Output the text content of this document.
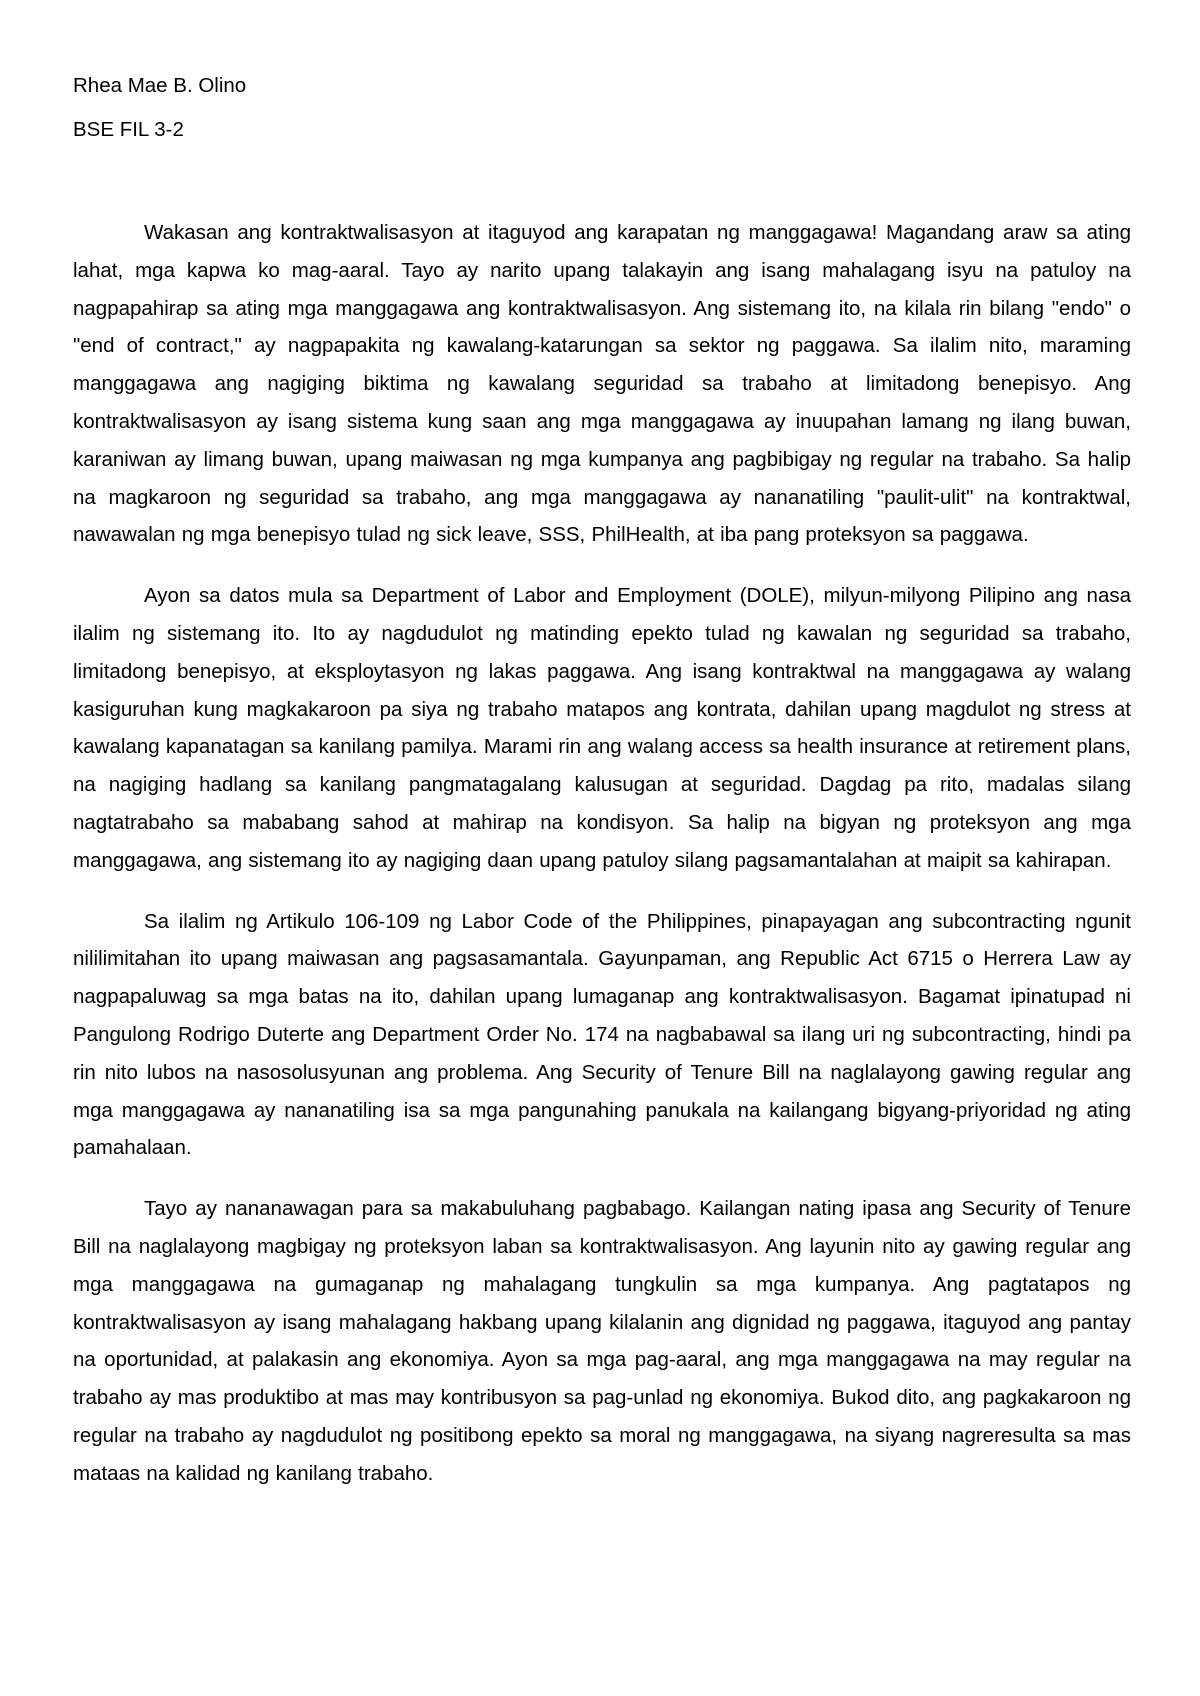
Rhea Mae B. Olino

BSE FIL 3-2

Wakasan ang kontraktwalisasyon at itaguyod ang karapatan ng manggagawa! Magandang araw sa ating lahat, mga kapwa ko mag-aaral. Tayo ay narito upang talakayin ang isang mahalagang isyu na patuloy na nagpapahirap sa ating mga manggagawa ang kontraktwalisasyon. Ang sistemang ito, na kilala rin bilang "endo" o "end of contract," ay nagpapakita ng kawalang-katarungan sa sektor ng paggawa. Sa ilalim nito, maraming manggagawa ang nagiging biktima ng kawalang seguridad sa trabaho at limitadong benepisyo. Ang kontraktwalisasyon ay isang sistema kung saan ang mga manggagawa ay inuupahan lamang ng ilang buwan, karaniwan ay limang buwan, upang maiwasan ng mga kumpanya ang pagbibigay ng regular na trabaho. Sa halip na magkaroon ng seguridad sa trabaho, ang mga manggagawa ay nananatiling "paulit-ulit" na kontraktwal, nawawalan ng mga benepisyo tulad ng sick leave, SSS, PhilHealth, at iba pang proteksyon sa paggawa.

Ayon sa datos mula sa Department of Labor and Employment (DOLE), milyun-milyong Pilipino ang nasa ilalim ng sistemang ito. Ito ay nagdudulot ng matinding epekto tulad ng kawalan ng seguridad sa trabaho, limitadong benepisyo, at eksploytasyon ng lakas paggawa. Ang isang kontraktwal na manggagawa ay walang kasiguruhan kung magkakaroon pa siya ng trabaho matapos ang kontrata, dahilan upang magdulot ng stress at kawalang kapanatagan sa kanilang pamilya. Marami rin ang walang access sa health insurance at retirement plans, na nagiging hadlang sa kanilang pangmatagalang kalusugan at seguridad. Dagdag pa rito, madalas silang nagtatrabaho sa mababang sahod at mahirap na kondisyon. Sa halip na bigyan ng proteksyon ang mga manggagawa, ang sistemang ito ay nagiging daan upang patuloy silang pagsamantalahan at maipit sa kahirapan.

Sa ilalim ng Artikulo 106-109 ng Labor Code of the Philippines, pinapayagan ang subcontracting ngunit nililimitahan ito upang maiwasan ang pagsasamantala. Gayunpaman, ang Republic Act 6715 o Herrera Law ay nagpapaluwag sa mga batas na ito, dahilan upang lumaganap ang kontraktwalisasyon. Bagamat ipinatupad ni Pangulong Rodrigo Duterte ang Department Order No. 174 na nagbabawal sa ilang uri ng subcontracting, hindi pa rin nito lubos na nasosolusyunan ang problema. Ang Security of Tenure Bill na naglalayong gawing regular ang mga manggagawa ay nananatiling isa sa mga pangunahing panukala na kailangang bigyang-priyoridad ng ating pamahalaan.

Tayo ay nananawagan para sa makabuluhang pagbabago. Kailangan nating ipasa ang Security of Tenure Bill na naglalayong magbigay ng proteksyon laban sa kontraktwalisasyon. Ang layunin nito ay gawing regular ang mga manggagawa na gumaganap ng mahalagang tungkulin sa mga kumpanya. Ang pagtatapos ng kontraktwalisasyon ay isang mahalagang hakbang upang kilalanin ang dignidad ng paggawa, itaguyod ang pantay na oportunidad, at palakasin ang ekonomiya. Ayon sa mga pag-aaral, ang mga manggagawa na may regular na trabaho ay mas produktibo at mas may kontribusyon sa pag-unlad ng ekonomiya. Bukod dito, ang pagkakaroon ng regular na trabaho ay nagdudulot ng positibong epekto sa moral ng manggagawa, na siyang nagreresulta sa mas mataas na kalidad ng kanilang trabaho.
